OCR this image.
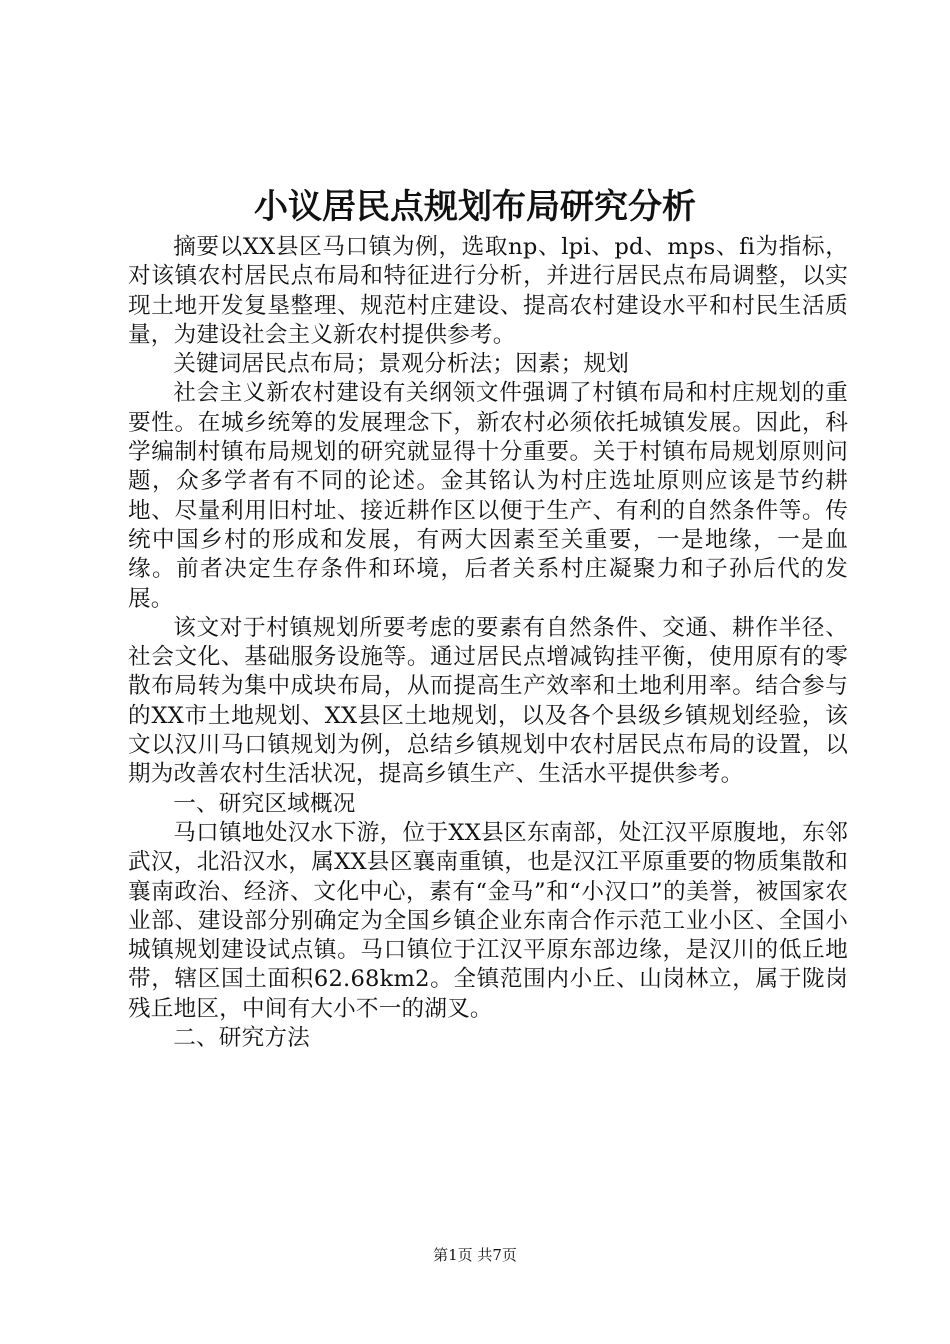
小议居民点规划布局研究分析

摘要以XX县区马口镇为例，选取np、lpi、pd、mps、fi为指标，对该镇农村居民点布局和特征进行分析，并进行居民点布局调整，以实现土地开发复垦整理、规范村庄建设、提高农村建设水平和村民生活质量，为建设社会主义新农村提供参考。

关键词居民点布局；景观分析法；因素；规划

社会主义新农村建设有关纲领文件强调了村镇布局和村庄规划的重要性。在城乡统筹的发展理念下，新农村必须依托城镇发展。因此，科学编制村镇布局规划的研究就显得十分重要。关于村镇布局规划原则问题，众多学者有不同的论述。金其铭认为村庄选址原则应该是节约耕地、尽量利用旧村址、接近耕作区以便于生产、有利的自然条件等。传统中国乡村的形成和发展，有两大因素至关重要，一是地缘，一是血缘。前者决定生存条件和环境，后者关系村庄凝聚力和子孙后代的发展。

该文对于村镇规划所要考虑的要素有自然条件、交通、耕作半径、社会文化、基础服务设施等。通过居民点增减钩挂平衡，使用原有的零散布局转为集中成块布局，从而提高生产效率和土地利用率。结合参与的XX市土地规划、XX县区土地规划，以及各个县级乡镇规划经验，该文以汉川马口镇规划为例，总结乡镇规划中农村居民点布局的设置，以期为改善农村生活状况，提高乡镇生产、生活水平提供参考。

一、研究区域概况

马口镇地处汉水下游，位于XX县区东南部，处江汉平原腹地，东邻武汉，北沿汉水，属XX县区襄南重镇，也是汉江平原重要的物质集散和襄南政治、经济、文化中心，素有“金马”和“小汉口”的美誉，被国家农业部、建设部分别确定为全国乡镇企业东南合作示范工业小区、全国小城镇规划建设试点镇。马口镇位于江汉平原东部边缘，是汉川的低丘地带，辖区国土面积62.68km2。全镇范围内小丘、山岗林立，属于陇岗残丘地区，中间有大小不一的湖叉。

二、研究方法

第1页 共7页
